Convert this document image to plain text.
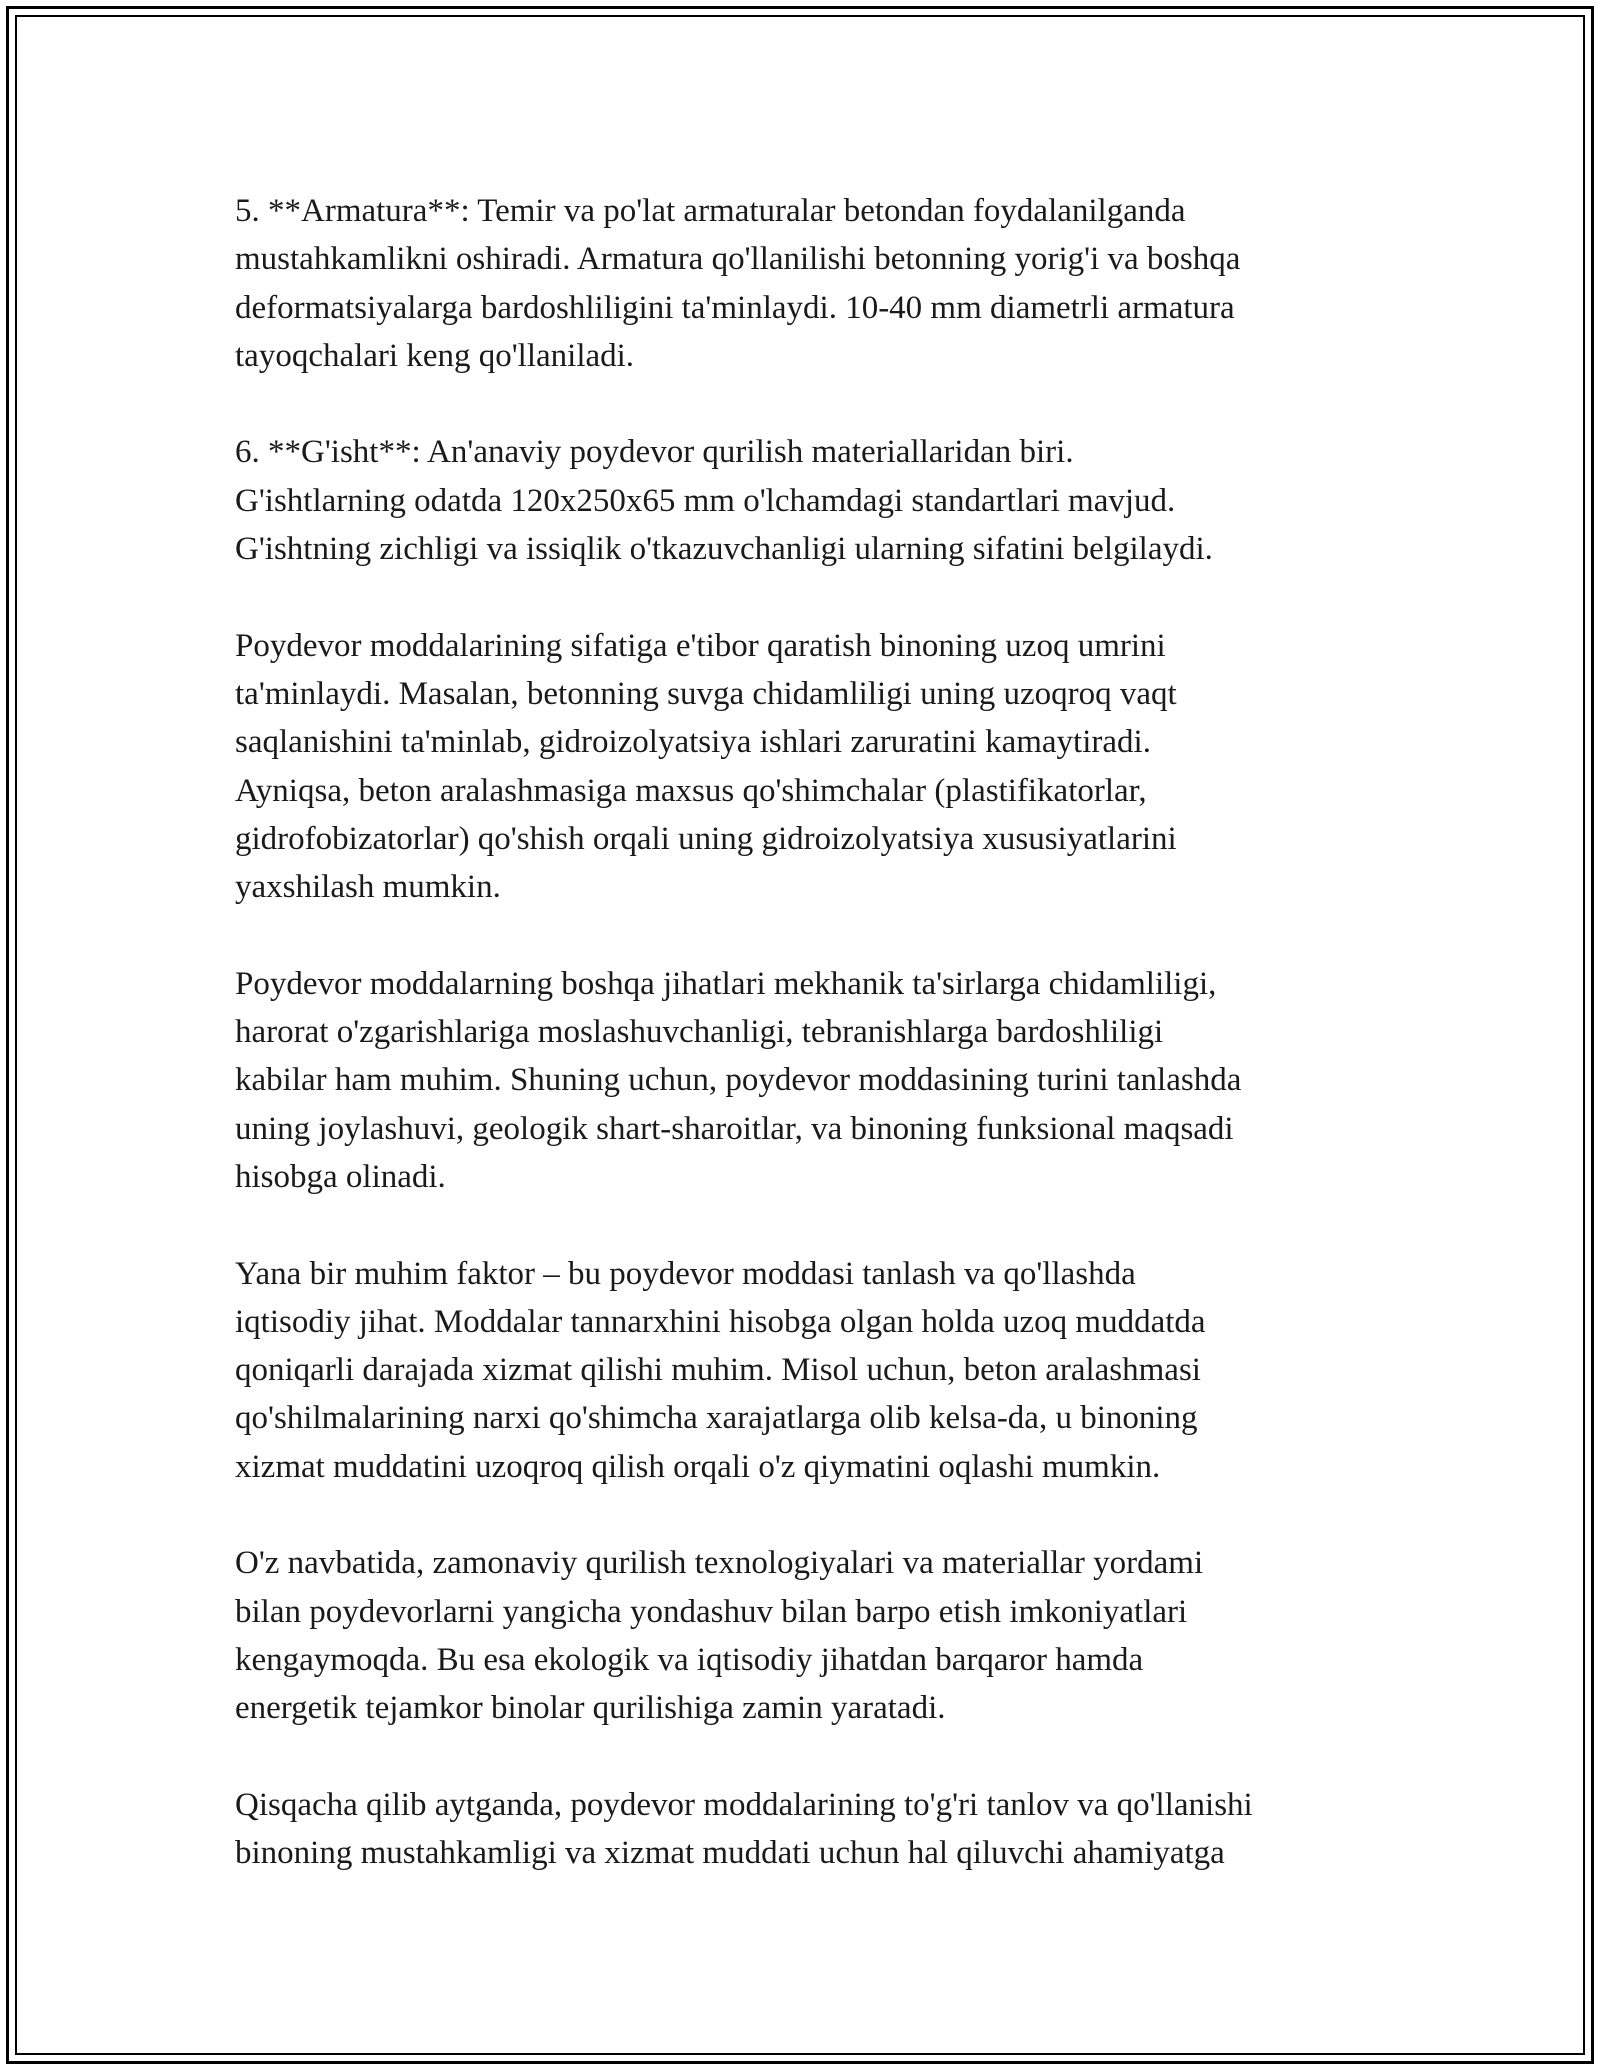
5. **Armatura**: Temir va po'lat armaturalar betondan foydalanilganda
mustahkamlikni oshiradi. Armatura qo'llanilishi betonning yorig'i va boshqa
deformatsiyalarga bardoshliligini ta'minlaydi. 10-40 mm diametrli armatura
tayoqchalari keng qo'llaniladi.

6. **G'isht**: An'anaviy poydevor qurilish materiallaridan biri.
G'ishtlarning odatda 120x250x65 mm o'lchamdagi standartlari mavjud.
G'ishtning zichligi va issiqlik o'tkazuvchanligi ularning sifatini belgilaydi.

Poydevor moddalarining sifatiga e'tibor qaratish binoning uzoq umrini
ta'minlaydi. Masalan, betonning suvga chidamliligi uning uzoqroq vaqt
saqlanishini ta'minlab, gidroizolyatsiya ishlari zaruratini kamaytiradi.
Ayniqsa, beton aralashmasiga maxsus qo'shimchalar (plastifikatorlar,
gidrofobizatorlar) qo'shish orqali uning gidroizolyatsiya xususiyatlarini
yaxshilash mumkin.

Poydevor moddalarning boshqa jihatlari mekhanik ta'sirlarga chidamliligi,
harorat o'zgarishlariga moslashuvchanligi, tebranishlarga bardoshliligi
kabilar ham muhim. Shuning uchun, poydevor moddasining turini tanlashda
uning joylashuvi, geologik shart-sharoitlar, va binoning funksional maqsadi
hisobga olinadi.

Yana bir muhim faktor – bu poydevor moddasi tanlash va qo'llashda
iqtisodiy jihat. Moddalar tannarxhini hisobga olgan holda uzoq muddatda
qoniqarli darajada xizmat qilishi muhim. Misol uchun, beton aralashmasi
qo'shilmalarining narxi qo'shimcha xarajatlarga olib kelsa-da, u binoning
xizmat muddatini uzoqroq qilish orqali o'z qiymatini oqlashi mumkin.

O'z navbatida, zamonaviy qurilish texnologiyalari va materiallar yordami
bilan poydevorlarni yangicha yondashuv bilan barpo etish imkoniyatlari
kengaymoqda. Bu esa ekologik va iqtisodiy jihatdan barqaror hamda
energetik tejamkor binolar qurilishiga zamin yaratadi.

Qisqacha qilib aytganda, poydevor moddalarining to'g'ri tanlov va qo'llanishi
binoning mustahkamligi va xizmat muddati uchun hal qiluvchi ahamiyatga
